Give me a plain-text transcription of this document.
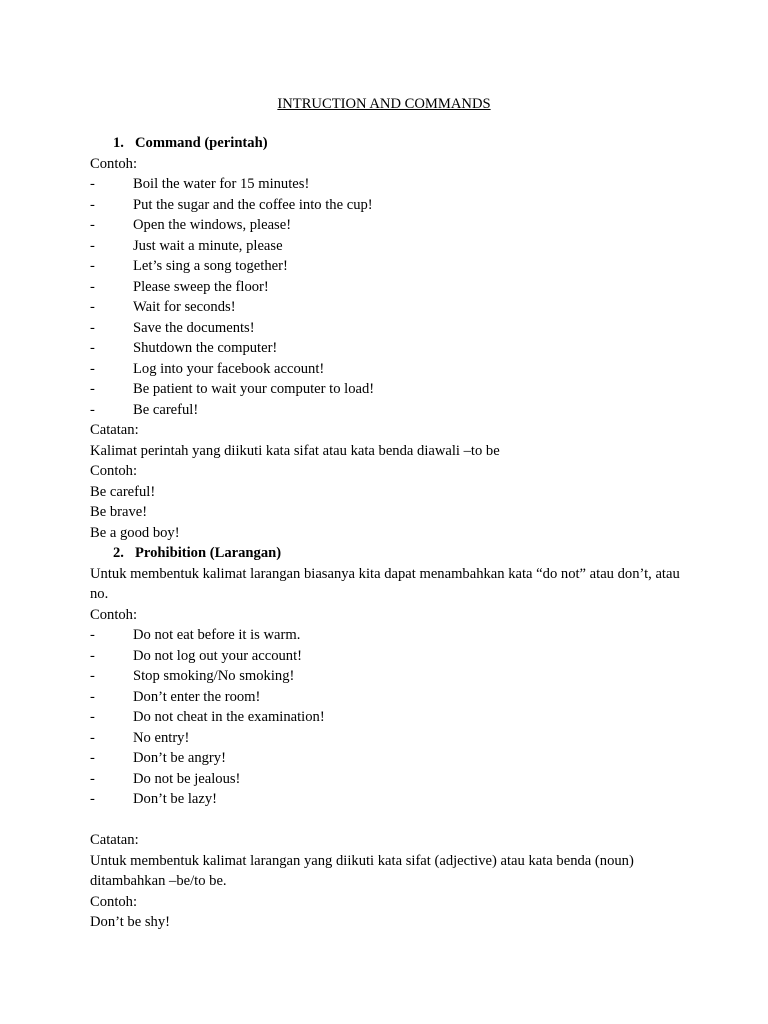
INTRUCTION AND COMMANDS
1. Command (perintah)
Contoh:
-	Boil the water for 15 minutes!
-	Put the sugar and the coffee into the cup!
-	Open the windows, please!
-	Just wait a minute, please
-	Let’s sing a song together!
-	Please sweep the floor!
-	Wait for seconds!
-	Save the documents!
-	Shutdown the computer!
-	Log into your facebook account!
-	Be patient to wait your computer to load!
-	Be careful!
Catatan:
Kalimat perintah yang diikuti kata sifat atau kata benda diawali –to be
Contoh:
Be careful!
Be brave!
Be a good boy!
2. Prohibition (Larangan)
Untuk membentuk kalimat larangan biasanya kita dapat menambahkan kata “do not” atau don’t, atau no.
Contoh:
-	Do not eat before it is warm.
-	Do not log out your account!
-	Stop smoking/No smoking!
-	Don’t enter the room!
-	Do not cheat in the examination!
-	No entry!
-	Don’t be angry!
-	Do not be jealous!
-	Don’t be lazy!
Catatan:
Untuk membentuk kalimat larangan yang diikuti kata sifat (adjective) atau kata benda (noun) ditambahkan –be/to be.
Contoh:
Don’t be shy!
